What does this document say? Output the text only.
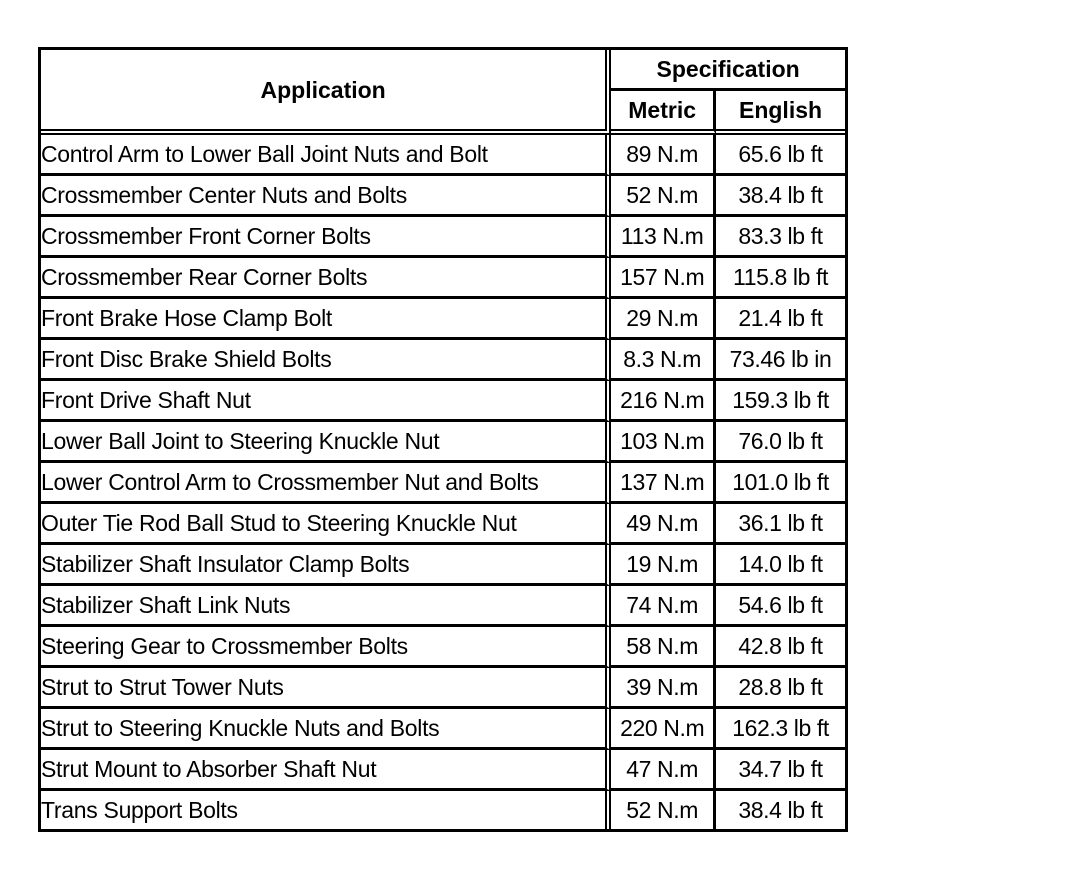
Application	Specification	
	Metric	English
Control Arm to Lower Ball Joint Nuts and Bolt	89 N.m	65.6 lb ft
Crossmember Center Nuts and Bolts	52 N.m	38.4 lb ft
Crossmember Front Corner Bolts	113 N.m	83.3 lb ft
Crossmember Rear Corner Bolts	157 N.m	115.8 lb ft
Front Brake Hose Clamp Bolt	29 N.m	21.4 lb ft
Front Disc Brake Shield Bolts	8.3 N.m	73.46 lb in
Front Drive Shaft Nut	216 N.m	159.3 lb ft
Lower Ball Joint to Steering Knuckle Nut	103 N.m	76.0 lb ft
Lower Control Arm to Crossmember Nut and Bolts	137 N.m	101.0 lb ft
Outer Tie Rod Ball Stud to Steering Knuckle Nut	49 N.m	36.1 lb ft
Stabilizer Shaft Insulator Clamp Bolts	19 N.m	14.0 lb ft
Stabilizer Shaft Link Nuts	74 N.m	54.6 lb ft
Steering Gear to Crossmember Bolts	58 N.m	42.8 lb ft
Strut to Strut Tower Nuts	39 N.m	28.8 lb ft
Strut to Steering Knuckle Nuts and Bolts	220 N.m	162.3 lb ft
Strut Mount to Absorber Shaft Nut	47 N.m	34.7 lb ft
Trans Support Bolts	52 N.m	38.4 lb ft
